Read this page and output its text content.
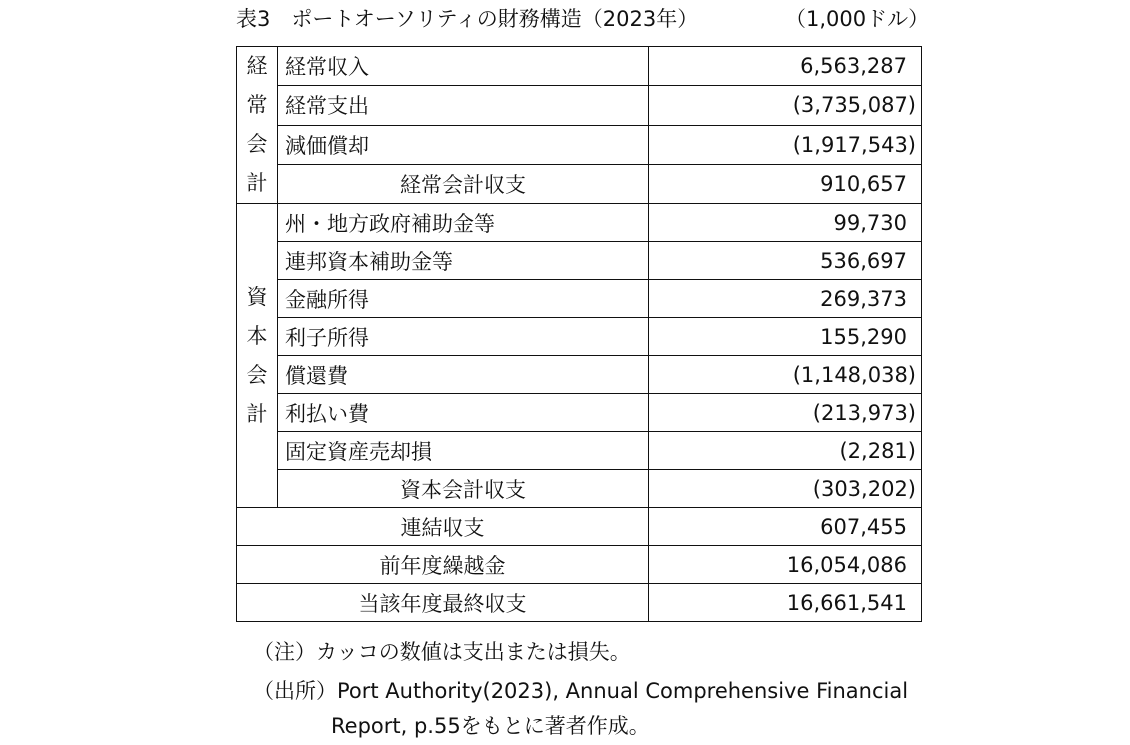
表3　ポートオーソリティの財務構造（2023年）	（1,000ドル）
経
常
会
計	経常収入	6,563,287
	経常支出	(3,735,087)
	減価償却	(1,917,543)
	経常会計収支	910,657

資
本
会
計	州・地方政府補助金等	99,730
	連邦資本補助金等	536,697
	金融所得	269,373
	利子所得	155,290
	償還費	(1,148,038)
	利払い費	(213,973)
	固定資産売却損	(2,281)
	資本会計収支	(303,202)
連結収支		607,455
前年度繰越金		16,054,086
当該年度最終収支		16,661,541
（注）カッコの数値は支出または損失。
（出所）Port Authority(2023), Annual Comprehensive Financial
Report, p.55をもとに著者作成。
